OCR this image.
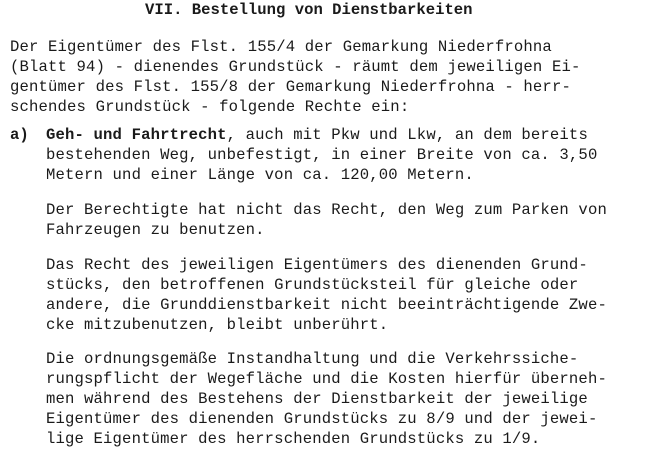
VII. Bestellung von Dienstbarkeiten
Der Eigentümer des Flst. 155/4 der Gemarkung Niederfrohna
(Blatt 94) - dienendes Grundstück - räumt dem jeweiligen Ei-
gentümer des Flst. 155/8 der Gemarkung Niederfrohna - herr-
schendes Grundstück - folgende Rechte ein:
a) Geh- und Fahrtrecht, auch mit Pkw und Lkw, an dem bereits
bestehenden Weg, unbefestigt, in einer Breite von ca. 3,50
Metern und einer Länge von ca. 120,00 Metern.
Der Berechtigte hat nicht das Recht, den Weg zum Parken von
Fahrzeugen zu benutzen.
Das Recht des jeweiligen Eigentümers des dienenden Grund-
stücks, den betroffenen Grundstücksteil für gleiche oder
andere, die Grunddienstbarkeit nicht beeinträchtigende Zwe-
cke mitzubenutzen, bleibt unberührt.
Die ordnungsgemäße Instandhaltung und die Verkehrssiche-
rungspflicht der Wegefläche und die Kosten hierfür überneh-
men während des Bestehens der Dienstbarkeit der jeweilige
Eigentümer des dienenden Grundstücks zu 8/9 und der jewei-
lige Eigentümer des herrschenden Grundstücks zu 1/9.
